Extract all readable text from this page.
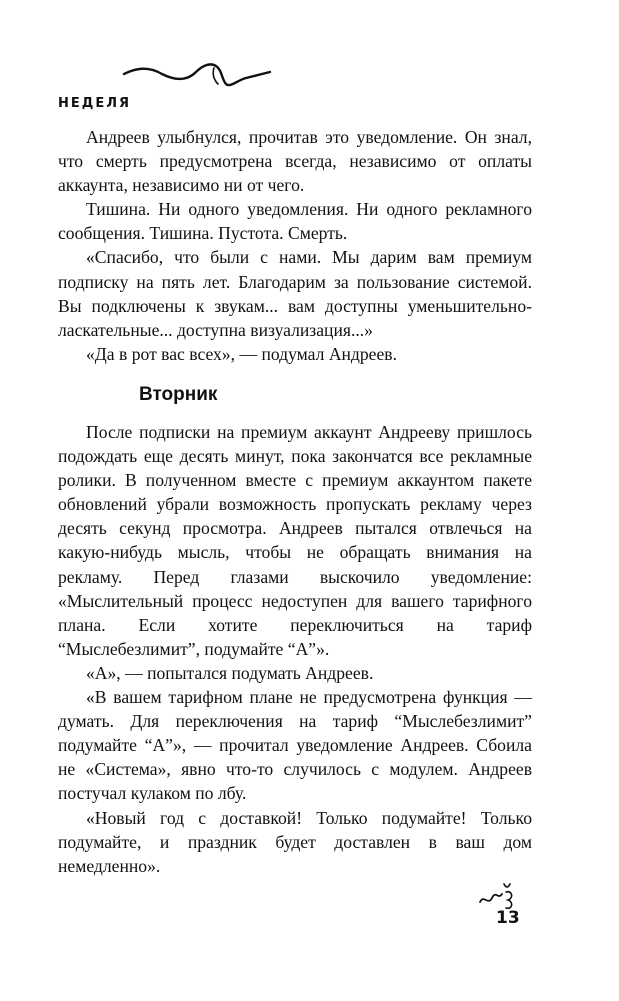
НЕДЕЛЯ

Андреев улыбнулся, прочитав это уведомление. Он знал, что смерть предусмотрена всегда, независимо от оплаты аккаунта, независимо ни от чего.

Тишина. Ни одного уведомления. Ни одного рекламного сообщения. Тишина. Пустота. Смерть.

«Спасибо, что были с нами. Мы дарим вам премиум подписку на пять лет. Благодарим за пользование системой. Вы подключены к звукам... вам доступны уменьшительно-ласкательные... доступна визуализация...»

«Да в рот вас всех», — подумал Андреев.

Вторник

После подписки на премиум аккаунт Андрееву пришлось подождать еще десять минут, пока закончатся все рекламные ролики. В полученном вместе с премиум аккаунтом пакете обновлений убрали возможность пропускать рекламу через десять секунд просмотра. Андреев пытался отвлечься на какую-нибудь мысль, чтобы не обращать внимания на рекламу. Перед глазами выскочило уведомление: «Мыслительный процесс недоступен для вашего тарифного плана. Если хотите переключиться на тариф “Мыслебезлимит”, подумайте “А”».

«А», — попытался подумать Андреев.

«В вашем тарифном плане не предусмотрена функция — думать. Для переключения на тариф “Мыслебезлимит” подумайте “А”», — прочитал уведомление Андреев. Сбоила не «Система», явно что-то случилось с модулем. Андреев постучал кулаком по лбу.

«Новый год с доставкой! Только подумайте! Только подумайте, и праздник будет доставлен в ваш дом немедленно».

13
